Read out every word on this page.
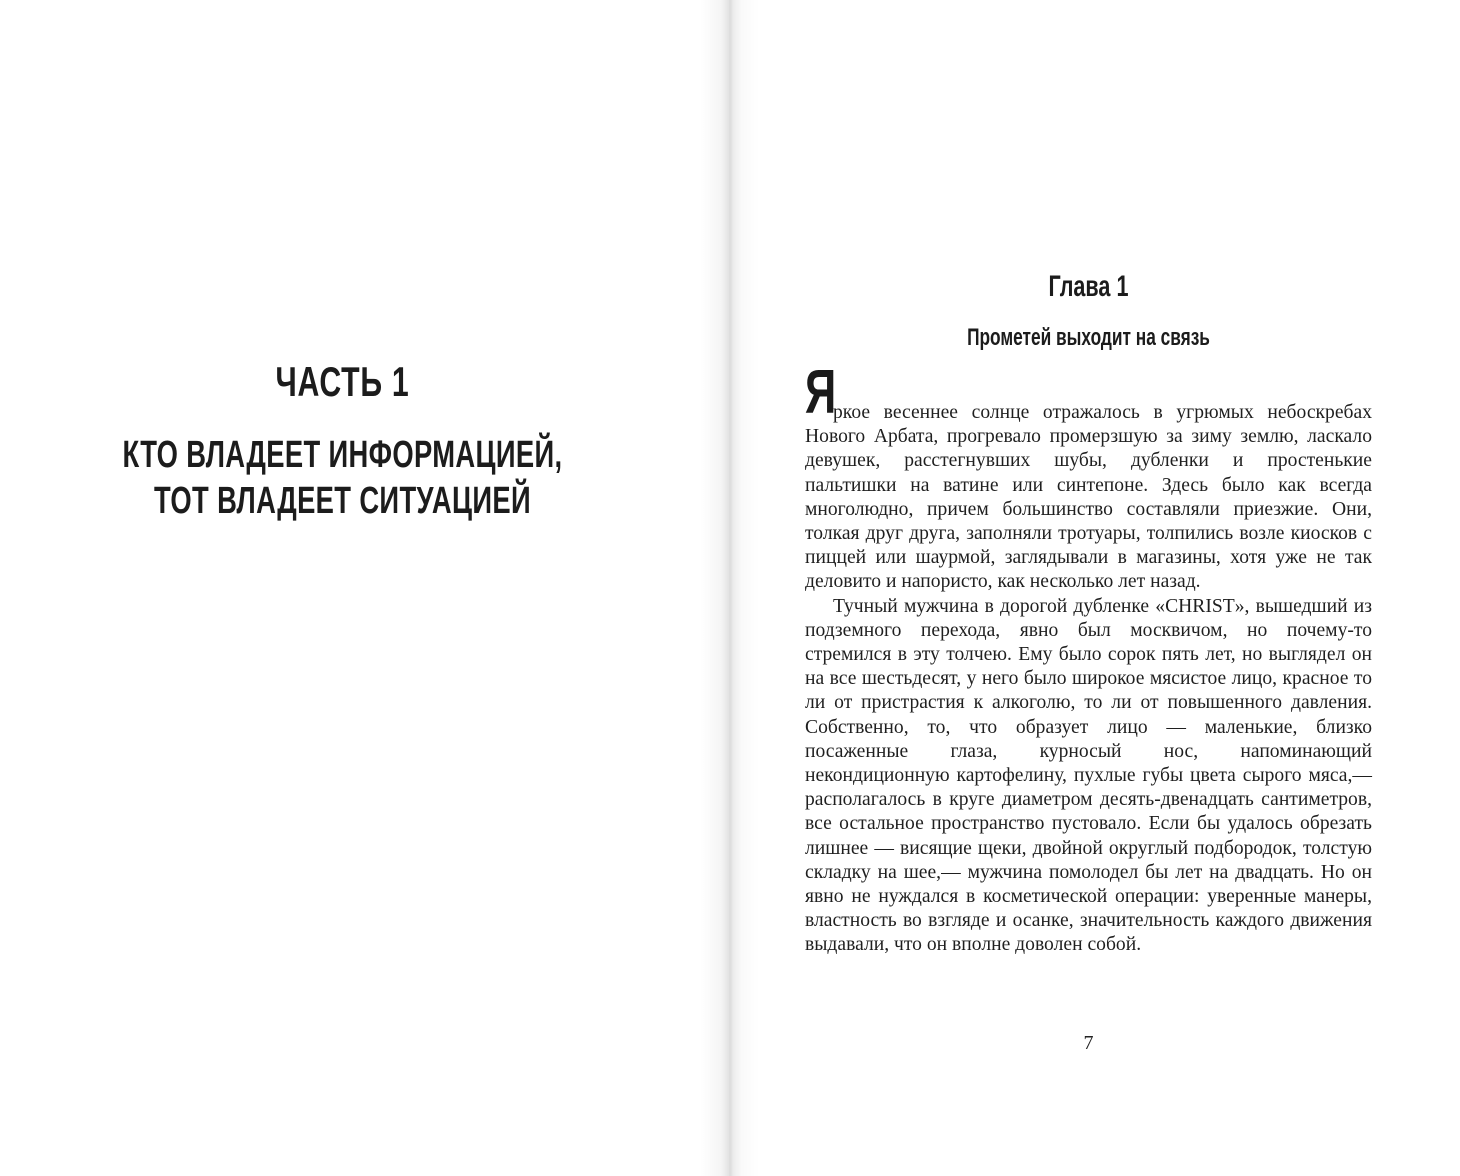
ЧАСТЬ 1
КТО ВЛАДЕЕТ ИНФОРМАЦИЕЙ,
ТОТ ВЛАДЕЕТ СИТУАЦИЕЙ
Глава 1
Прометей выходит на связь

Я
ркое весеннее солнце отражалось в угрюмых небоскребах Нового Арбата, прогревало промерзшую за зиму землю, ласкало девушек, расстегнувших шубы, дубленки и простенькие пальтишки на ватине или синтепоне. Здесь было как всегда многолюдно, причем большинство составляли приезжие. Они, толкая друг друга, заполняли тротуары, толпились возле киосков с пиццей или шаурмой, заглядывали в магазины, хотя уже не так деловито и напористо, как несколько лет назад.

Тучный мужчина в дорогой дубленке «CHRIST», вышедший из подземного перехода, явно был москвичом, но почему-то стремился в эту толчею. Ему было сорок пять лет, но выглядел он на все шестьдесят, у него было широкое мясистое лицо, красное то ли от пристрастия к алкоголю, то ли от повышенного давления. Собственно, то, что образует лицо — маленькие, близко посаженные глаза, курносый нос, напоминающий некондиционную картофелину, пухлые губы цвета сырого мяса,— располагалось в круге диаметром десять-двенадцать сантиметров, все остальное пространство пустовало. Если бы удалось обрезать лишнее — висящие щеки, двойной округлый подбородок, толстую складку на шее,— мужчина помолодел бы лет на двадцать. Но он явно не нуждался в косметической операции: уверенные манеры, властность во взгляде и осанке, значительность каждого движения выдавали, что он вполне доволен собой.

7
